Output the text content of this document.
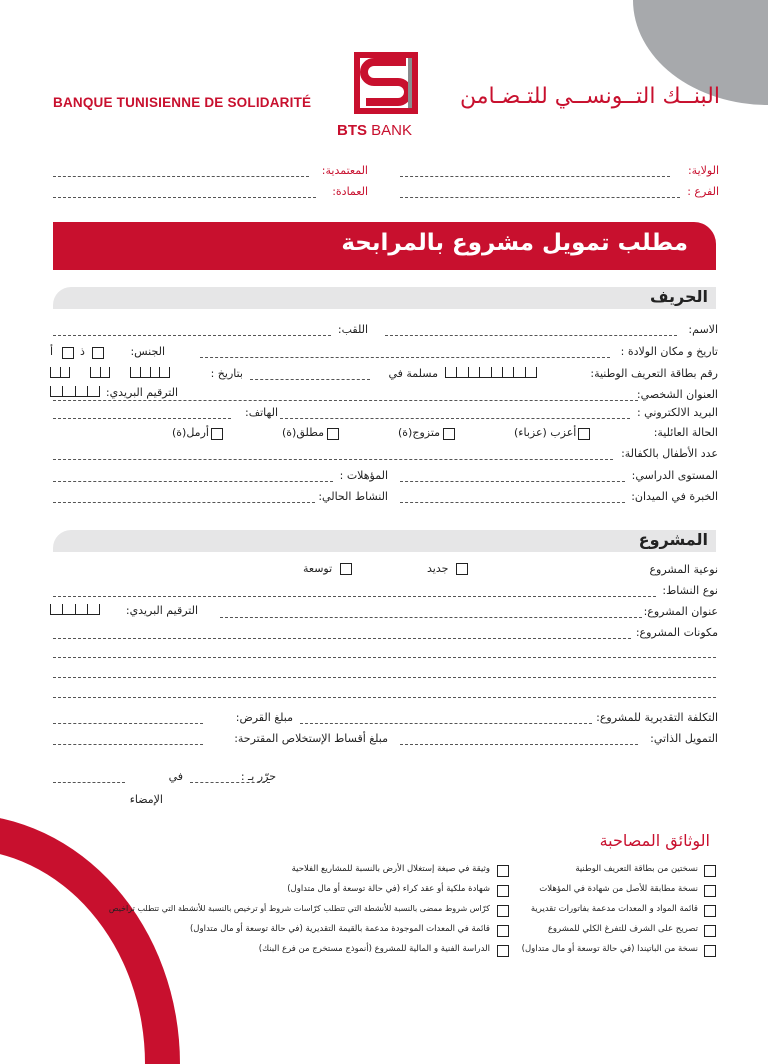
BANQUE TUNISIENNE DE SOLIDARITÉ
BTS BANK
البنــك التــونســي للتـضـامن
الولاية:
المعتمدية:
الفرع :
العمادة:
مطلب تمويل مشروع بالمرابحة
الحريف
الاسم:
اللقب:
تاريخ و مكان الولادة :
الجنس:
ذ
أ
رقم بطاقة التعريف الوطنية:
مسلمة في
بتاريخ :
العنوان الشخصي:
الترقيم البريدي:
البريد الالكتروني :
الهاتف:
الحالة العائلية:
أعزب (عزباء)
متزوج(ة)
مطلق(ة)
أرمل(ة)
عدد الأطفال بالكفالة:
المستوى الدراسي:
المؤهلات :
الخبرة في الميدان:
النشاط الحالي:
المشروع
نوعية المشروع
جديد
توسعة
نوع النشاط:
عنوان المشروع:
الترقيم البريدي:
مكونات المشروع:
التكلفة التقديرية للمشروع:
مبلغ القرض:
التمويل الذاتي:
مبلغ أقساط الإستخلاص المقترحة:
حرّر بـ :
في
الإمضاء
الوثائق المصاحبة
نسختين من بطاقة التعريف الوطنية
نسخة مطابقة للأصل من شهادة في المؤهلات
قائمة المواد و المعدات مدعمة بفاتورات تقديرية
تصريح على الشرف للتفرغ الكلي للمشروع
نسخة من الباتيندا (في حالة توسعة أو مال متداول)
وثيقة في صيغة إستغلال الأرض بالنسبة للمشاريع الفلاحية
شهادة ملكية أو عقد كراء (في حالة توسعة أو مال متداول)
كرّاس شروط ممضى بالنسبة للأنشطة التي تتطلب كرّاسات شروط أو ترخيص بالنسبة للأنشطة التي تتطلب تراخيص
قائمة في المعدات الموجودة مدعمة بالقيمة التقديرية (في حالة توسعة أو مال متداول)
الدراسة الفنية و المالية للمشروع (أنموذج مستخرج من فرع البنك)
